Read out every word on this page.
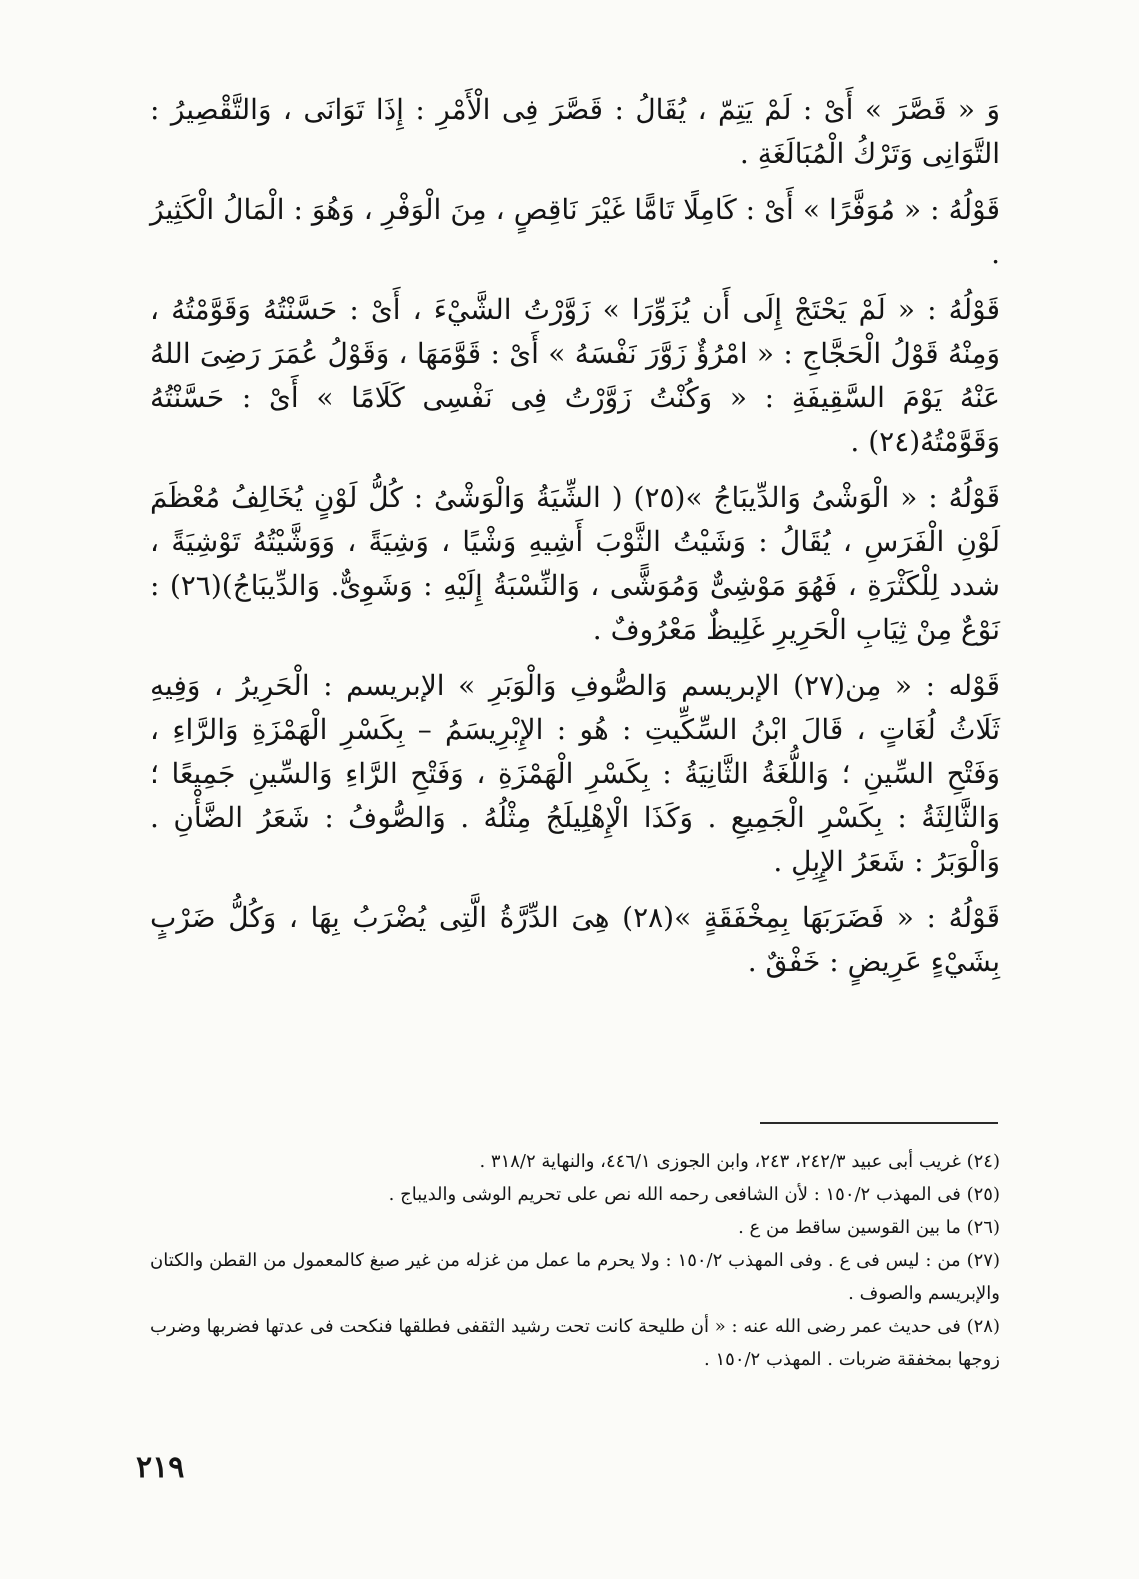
وَ « قَصَّرَ » أَىْ : لَمْ يَتِمّ ، يُقَالُ : قَصَّرَ فِى الْأَمْرِ : إِذَا تَوَانَى ، وَالتَّقْصِيرُ : التَّوَانِى وَتَرْكُ الْمُبَالَغَةِ .

قَوْلُهُ : « مُوَفَّرًا » أَىْ : كَامِلًا تَامًّا غَيْرَ نَاقِصٍ ، مِنَ الْوَفْرِ ، وَهُوَ : الْمَالُ الْكَثِيرُ .

قَوْلُهُ : « لَمْ يَحْتَجْ إِلَى أَن يُزَوِّرَا » زَوَّرْتُ الشَّيْءَ ، أَىْ : حَسَّنْتُهُ وَقَوَّمْتُهُ ، وَمِنْهُ قَوْلُ الْحَجَّاجِ : « امْرُؤٌ زَوَّرَ نَفْسَهُ » أَىْ : قَوَّمَهَا ، وَقَوْلُ عُمَرَ رَضِىَ اللهُ عَنْهُ يَوْمَ السَّقِيفَةِ : « وَكُنْتُ زَوَّرْتُ فِى نَفْسِى كَلَامًا » أَىْ : حَسَّنْتُهُ وَقَوَّمْتُهُ(٢٤) .

قَوْلُهُ : « الْوَشْىُ وَالدِّيبَاجُ »(٢٥) ( الشِّيَةُ وَالْوَشْىُ : كُلُّ لَوْنٍ يُخَالِفُ مُعْظَمَ لَوْنِ الْفَرَسِ ، يُقَالُ : وَشَيْتُ الثَّوْبَ أَشِيهِ وَشْيًا ، وَشِيَةً ، وَوَشَّيْتُهُ تَوْشِيَةً ، شدد لِلْكَثْرَةِ ، فَهُوَ مَوْشِىٌّ وَمُوَشًّى ، وَالنِّسْبَةُ إِلَيْهِ : وَشَوِىٌّ. وَالدِّيبَاجُ)(٢٦) : نَوْعٌ مِنْ ثِيَابِ الْحَرِيرِ غَلِيظٌ مَعْرُوفٌ .

قَوْله : « مِن(٢٧) الإبريسم وَالصُّوفِ وَالْوَبَرِ » الإبريسم : الْحَرِيرُ ، وَفِيهِ ثَلَاثُ لُغَاتٍ ، قَالَ ابْنُ السِّكِّيتِ : هُو : الإِبْرِيسَمُ – بِكَسْرِ الْهَمْزَةِ وَالرَّاءِ ، وَفَتْحِ السِّينِ ؛ وَاللُّغَةُ الثَّانِيَةُ : بِكَسْرِ الْهَمْزَةِ ، وَفَتْحِ الرَّاءِ وَالسِّينِ جَمِيعًا ؛ وَالثَّالِثَةُ : بِكَسْرِ الْجَمِيعِ . وَكَذَا الْإِهْلِيلَجُ مِثْلُهُ . وَالصُّوفُ : شَعَرُ الضَّأْنِ . وَالْوَبَرُ : شَعَرُ الإِبِلِ .

قَوْلُهُ : « فَضَرَبَهَا بِمِخْفَقَةٍ »(٢٨) هِىَ الدِّرَّةُ الَّتِى يُضْرَبُ بِهَا ، وَكُلُّ ضَرْبٍ بِشَيْءٍ عَرِيضٍ : خَفْقٌ .

(٢٤) غريب أبى عبيد ٢٤٢/٣، ٢٤٣، وابن الجوزى ٤٤٦/١، والنهاية ٣١٨/٢ .

(٢٥) فى المهذب ١٥٠/٢ : لأن الشافعى رحمه الله نص على تحريم الوشى والديباج .

(٢٦) ما بين القوسين ساقط من ع .

(٢٧) من : ليس فى ع . وفى المهذب ١٥٠/٢ : ولا يحرم ما عمل من غزله من غير صبغ كالمعمول من القطن والكتان والإبريسم والصوف .

(٢٨) فى حديث عمر رضى الله عنه : « أن طليحة كانت تحت رشيد الثقفى فطلقها فنكحت فى عدتها فضربها وضرب زوجها بمخفقة ضربات . المهذب ١٥٠/٢ .

٢١٩
